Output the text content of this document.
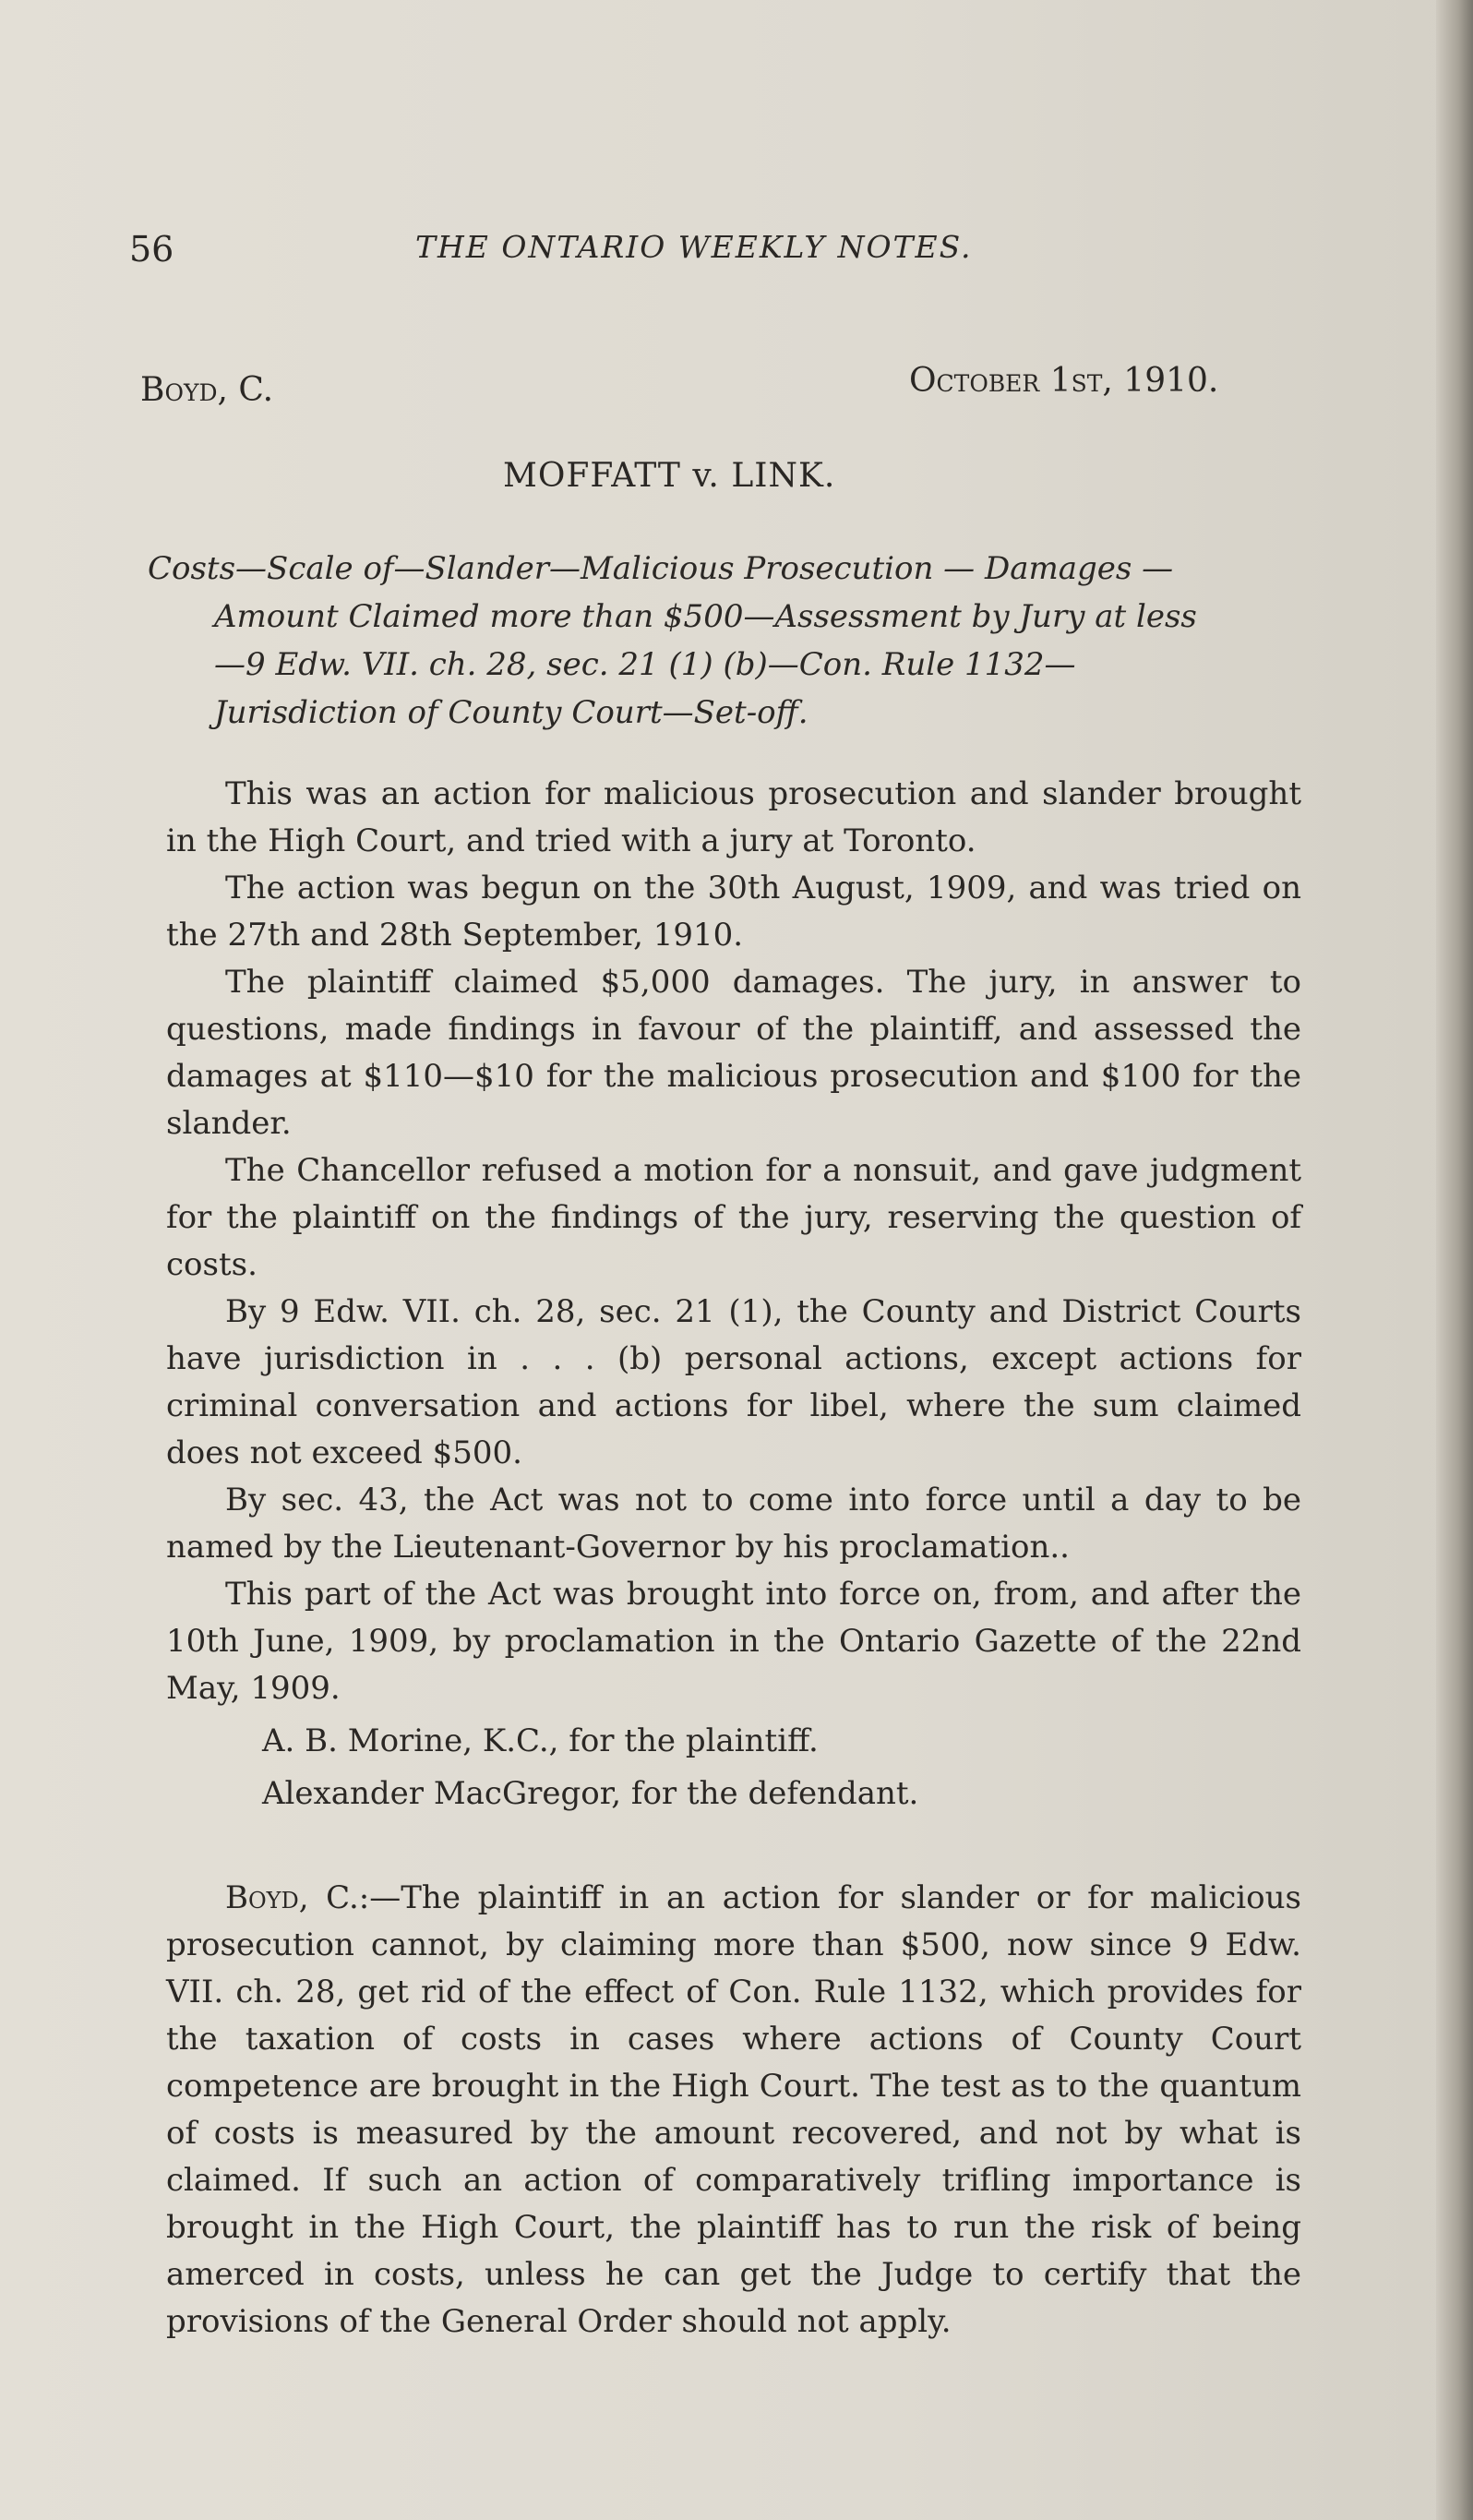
56	THE ONTARIO WEEKLY NOTES.
Boyd, C.	October 1st, 1910.
MOFFATT v. LINK.
Costs—Scale of—Slander—Malicious Prosecution — Damages —
Amount Claimed more than $500—Assessment by Jury at less
—9 Edw. VII. ch. 28, sec. 21 (1) (b)—Con. Rule 1132—
Jurisdiction of County Court—Set-off.

This was an action for malicious prosecution and slander brought in the High Court, and tried with a jury at Toronto.

The action was begun on the 30th August, 1909, and was tried on the 27th and 28th September, 1910.

The plaintiff claimed $5,000 damages. The jury, in answer to questions, made findings in favour of the plaintiff, and assessed the damages at $110—$10 for the malicious prosecution and $100 for the slander.

The Chancellor refused a motion for a nonsuit, and gave judgment for the plaintiff on the findings of the jury, reserving the question of costs.

By 9 Edw. VII. ch. 28, sec. 21 (1), the County and District Courts have jurisdiction in . . . (b) personal actions, except actions for criminal conversation and actions for libel, where the sum claimed does not exceed $500.

By sec. 43, the Act was not to come into force until a day to be named by the Lieutenant-Governor by his proclamation..

This part of the Act was brought into force on, from, and after the 10th June, 1909, by proclamation in the Ontario Gazette of the 22nd May, 1909.

A. B. Morine, K.C., for the plaintiff.

Alexander MacGregor, for the defendant.

Boyd, C.:—The plaintiff in an action for slander or for malicious prosecution cannot, by claiming more than $500, now since 9 Edw. VII. ch. 28, get rid of the effect of Con. Rule 1132, which provides for the taxation of costs in cases where actions of County Court competence are brought in the High Court. The test as to the quantum of costs is measured by the amount recovered, and not by what is claimed. If such an action of comparatively trifling importance is brought in the High Court, the plaintiff has to run the risk of being amerced in costs, unless he can get the Judge to certify that the provisions of the General Order should not apply.
